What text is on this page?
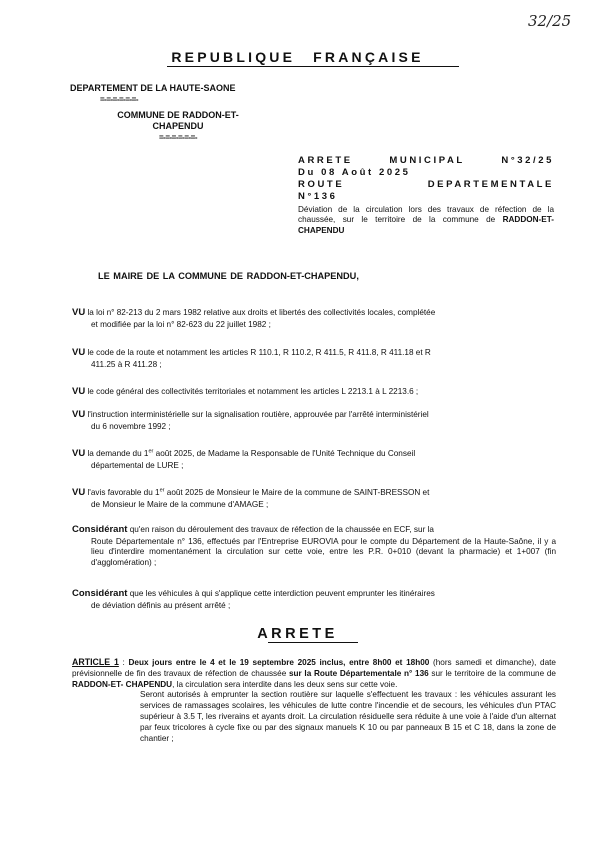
32/25
REPUBLIQUE FRANÇAISE
DEPARTEMENT DE LA HAUTE-SAONE
=-=-=-=-=-=-
COMMUNE DE RADDON-ET-
CHAPENDU
=-=-=-=-=-=-
ARRETE MUNICIPAL N°32/25
Du 08 Août 2025
ROUTE DEPARTEMENTALE
N°136
Déviation de la circulation lors des travaux de réfection de la chaussée, sur le territoire de la commune de RADDON-ET-CHAPENDU
LE MAIRE DE LA COMMUNE DE RADDON-ET-CHAPENDU,
VU la loi n° 82-213 du 2 mars 1982 relative aux droits et libertés des collectivités locales, complétée
et modifiée par la loi n° 82-623 du 22 juillet 1982 ;
VU le code de la route et notamment les articles R 110.1, R 110.2, R 411.5, R 411.8, R 411.18 et R
411.25 à R 411.28 ;
VU le code général des collectivités territoriales et notamment les articles L 2213.1 à L 2213.6 ;
VU l'instruction interministérielle sur la signalisation routière, approuvée par l'arrêté interministériel
du 6 novembre 1992 ;
VU la demande du 1er août 2025, de Madame la Responsable de l'Unité Technique du Conseil
départemental de LURE ;
VU l'avis favorable du 1er août 2025 de Monsieur le Maire de la commune de SAINT-BRESSON et
de Monsieur le Maire de la commune d'AMAGE ;
Considérant qu'en raison du déroulement des travaux de réfection de la chaussée en ECF, sur la
Route Départementale n° 136, effectués par l'Entreprise EUROVIA pour le compte du Département de la Haute-Saône, il y a lieu d'interdire momentanément la circulation sur cette voie, entre les P.R. 0+010 (devant la pharmacie) et 1+007 (fin d'agglomération) ;
Considérant que les véhicules à qui s'applique cette interdiction peuvent emprunter les itinéraires
de déviation définis au présent arrêté ;
ARRETE
ARTICLE 1 : Deux jours entre le 4 et le 19 septembre 2025 inclus, entre 8h00 et 18h00 (hors samedi et dimanche), date prévisionnelle de fin des travaux de réfection de chaussée sur la Route Départementale n° 136 sur le territoire de la commune de RADDON-ET- CHAPENDU, la circulation sera interdite dans les deux sens sur cette voie.
Seront autorisés à emprunter la section routière sur laquelle s'effectuent les travaux : les véhicules assurant les services de ramassages scolaires, les véhicules de lutte contre l'incendie et de secours, les véhicules d'un PTAC supérieur à 3.5 T, les riverains et ayants droit. La circulation résiduelle sera réduite à une voie à l'aide d'un alternat par feux tricolores à cycle fixe ou par des signaux manuels K 10 ou par panneaux B 15 et C 18, dans la zone de chantier ;
